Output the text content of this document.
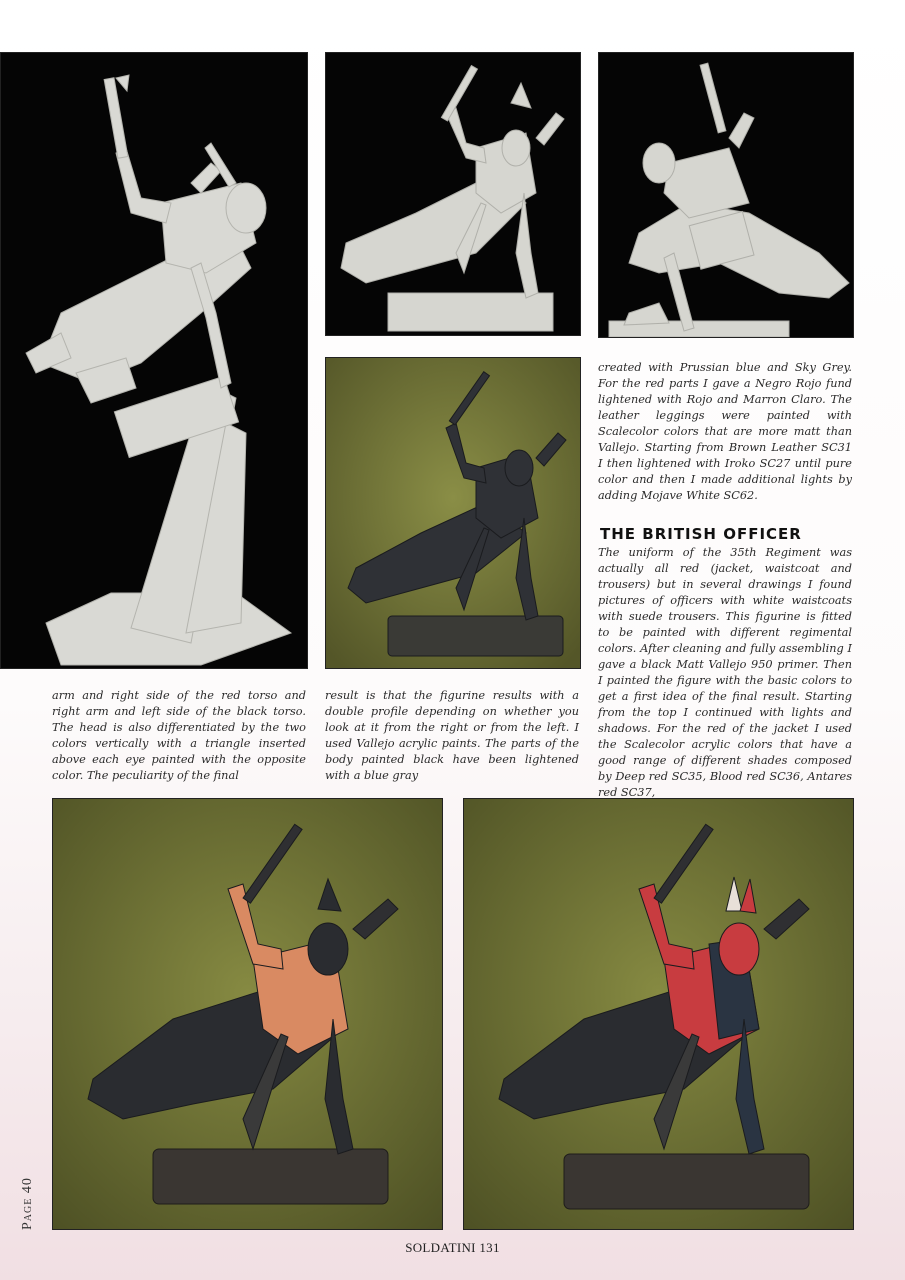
arm and right side of the red torso and right arm and left side of the black torso. The head is also differentiated by the two colors vertically with a triangle inserted above each eye painted with the opposite color. The peculiarity of the final

result is that the figurine results with a double profile depending on whether you look at it from the right or from the left. I used Vallejo acrylic paints. The parts of the body painted black have been lightened with a blue gray

created with Prussian blue and Sky Grey. For the red parts I gave a Negro Rojo fund lightened with Rojo and Marron Claro. The leather leggings were painted with Scalecolor colors that are more matt than Vallejo. Starting from Brown Leather SC31 I then lightened with Iroko SC27 until pure color and then I made additional lights by adding Mojave White SC62.

THE BRITISH OFFICER

The uniform of the 35th Regiment was actually all red (jacket, waistcoat and trousers) but in several drawings I found pictures of officers with white waistcoats with suede trousers. This figurine is fitted to be painted with different regimental colors. After cleaning and fully assembling I gave a black Matt Vallejo 950 primer. Then I painted the figure with the basic colors to get a first idea of the final result. Starting from the top I continued with lights and shadows. For the red of the jacket I used the Scalecolor acrylic colors that have a good range of different shades composed by Deep red SC35, Blood red SC36, Antares red SC37,

Page 40
SOLDATINI 131
